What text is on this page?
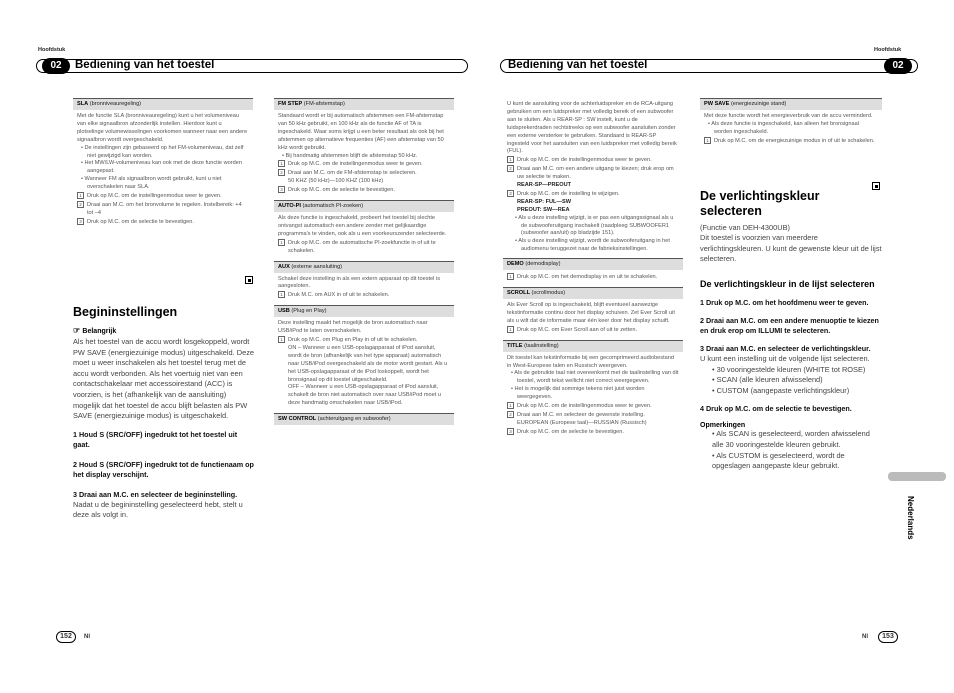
Hoofdstuk
02	Bediening van het toestel
SLA (bronniveauregeling)
Met de functie SLA (bronniveauregeling) kunt u het volumeniveau van elke signaalbron afzonderlijk instellen. Hierdoor kunt u plotselinge volumewisselingen voorkomen wanneer naar een andere signaalbron wordt overgeschakeld.
• De instellingen zijn gebaseerd op het FM-volumeniveau, dat zelf niet gewijzigd kan worden.
• Het MW/LW-volumeniveau kan ook met de deze functie worden aangepast.
• Wanneer FM als signaalbron wordt gebruikt, kunt u niet overschakelen naar SLA.
1 Druk op M.C. om de instellingenmodus weer te geven.
2 Draai aan M.C. om het bronvolume te regelen. Instelbereik: +4 tot –4
3 Druk op M.C. om de selectie te bevestigen.
Begininstellingen
☞ Belangrijk
Als het toestel van de accu wordt losgekoppeld, wordt PW SAVE (energiezuinige modus) uitgeschakeld. Deze moet u weer inschakelen als het toestel terug met de accu wordt verbonden. Als het voertuig niet van een contactschakelaar met accessoirestand (ACC) is voorzien, is het (afhankelijk van de aansluiting) mogelijk dat het toestel de accu blijft belasten als PW SAVE (energiezuinige modus) is uitgeschakeld.
1 Houd S (SRC/OFF) ingedrukt tot het toestel uit gaat.
2 Houd S (SRC/OFF) ingedrukt tot de functienaam op het display verschijnt.
3 Draai aan M.C. en selecteer de begininstelling.
Nadat u de begininstelling geselecteerd hebt, stelt u deze als volgt in.
FM STEP (FM-afstemstap)
Standaard wordt er bij automatisch afstemmen een FM-afstemstap van 50 kHz gebruikt, en 100 kHz als de functie AF of TA is ingeschakeld. Waar soms krijgt u een beter resultaat als ook bij het afstemmen op alternatieve frequenties (AF) een afstemstap van 50 kHz wordt gebruikt.
• Bij handmatig afstemmen blijft de afstemstap 50 kHz.
1 Druk op M.C. om de instellingenmodus weer te geven.
2 Draai aan M.C. om de FM-afstemstap te selecteren.
50 KHZ (50 kHz)—100 KHZ (100 kHz)
3 Druk op M.C. om de selectie te bevestigen.
AUTO-PI (automatisch PI-zoeken)
Als deze functie is ingeschakeld, probeert het toestel bij slechte ontvangst automatisch een andere zender met gelijkaardige programma's te vinden, ook als u een voorkeurszender selecteerde.
1 Druk op M.C. om de automatische PI-zoekfunctie in of uit te schakelen.
AUX (externe aansluiting)
Schakel deze instelling in als een extern apparaat op dit toestel is aangesloten.
1 Druk M.C. om AUX in of uit te schakelen.
USB (Plug en Play)
Deze instelling maakt het mogelijk de bron automatisch naar USB/iPod te laten overschakelen.
1 Druk op M.C. om Plug en Play in of uit te schakelen.
ON – Wanneer u een USB-opslagapparaat of iPod aansluit, wordt de bron (afhankelijk van het type apparaat) automatisch naar USB/iPod overgeschakeld als de motor wordt gestart. Als u het USB-opslagapparaat of de iPod loskoppelt, wordt het bronsignaal op dit toestel uitgeschakeld.
OFF – Wanneer u een USB-opslagapparaat of iPod aansluit, schakelt de bron niet automatisch over naar USB/iPod moet u deze handmatig omschakelen naar USB/iPod.
SW CONTROL (achteruitgang en subwoofer)
152	Nl
Hoofdstuk
02
Bediening van het toestel
U kunt de aansluiting voor de achterluidspreker en de RCA-uitgang gebruiken om een luidspreker met volledig bereik of een subwoofer aan te sluiten. Als u REAR-SP : SW instelt, kunt u de luidsprekerdraden rechtstreeks op een subwoofer aansluiten zonder een externe versterker te gebruiken. Standaard is REAR-SP ingesteld voor het aansluiten van een luidspreker met volledig bereik (FUL).
1 Druk op M.C. om de instellingenmodus weer te geven.
2 Draai aan M.C. om een andere uitgang te kiezen; druk erop om uw selectie te maken.
REAR-SP—PREOUT
3 Druk op M.C. om de instelling te wijzigen.
REAR-SP: FUL—SW
PREOUT: SW—REA
• Als u deze instelling wijzigt, is er pas een uitgangssignaal als u de subwooferuitgang inschakelt (raadpleeg SUBWOOFER1 (subwoofer aan/uit) op bladzijde 151).
• Als u deze instelling wijzigt, wordt de subwooferuitgang in het audiomenu teruggezet naar de fabrieksinstellingen.
DEMO (demodisplay)
1 Druk op M.C. om het demodisplay in en uit te schakelen.
SCROLL (scrollmodus)
Als Ever Scroll op is ingeschakeld, blijft eventueel aanwezige tekstinformatie continu door het display schuiven. Zet Ever Scroll uit als u wilt dat de informatie maar één keer door het display schuift.
1 Druk op M.C. om Ever Scroll aan of uit te zetten.
TITLE (taalinstelling)
Dit toestel kan tekstinformatie bij een gecomprimeerd audiobestand in West-Europese talen en Russisch weergeven.
• Als de gebruikte taal niet overeenkomt met de taalinstelling van dit toestel, wordt tekst wellicht niet correct weergegeven.
• Het is mogelijk dat sommige tekens niet juist worden weergegeven.
1 Druk op M.C. om de instellingenmodus weer te geven.
2 Draai aan M.C. en selecteer de gewenste instelling.
EUROPEAN (Europese taal)—RUSSIAN (Russisch)
3 Druk op M.C. om de selectie te bevestigen.
PW SAVE (energiezuinige stand)
Met deze functie wordt het energieverbruik van de accu verminderd.
• Als deze functie is ingeschakeld, kan alleen het bronsignaal worden ingeschakeld.
1 Druk op M.C. om de energiezuinige modus in of uit te schakelen.
De verlichtingskleur selecteren
(Functie van DEH-4300UB)
Dit toestel is voorzien van meerdere verlichtingskleuren. U kunt de gewenste kleur uit de lijst selecteren.
De verlichtingskleur in de lijst selecteren
1 Druk op M.C. om het hoofdmenu weer te geven.
2 Draai aan M.C. om een andere menuoptie te kiezen en druk erop om ILLUMI te selecteren.
3 Draai aan M.C. en selecteer de verlichtingskleur.
U kunt een instelling uit de volgende lijst selecteren.
• 30 vooringestelde kleuren (WHITE tot ROSE)
• SCAN (alle kleuren afwisselend)
• CUSTOM (aangepaste verlichtingskleur)
4 Druk op M.C. om de selectie te bevestigen.
Opmerkingen
• Als SCAN is geselecteerd, worden afwisselend alle 30 vooringestelde kleuren gebruikt.
• Als CUSTOM is geselecteerd, wordt de opgeslagen aangepaste kleur gebruikt.
Nederlands
153
Nl
